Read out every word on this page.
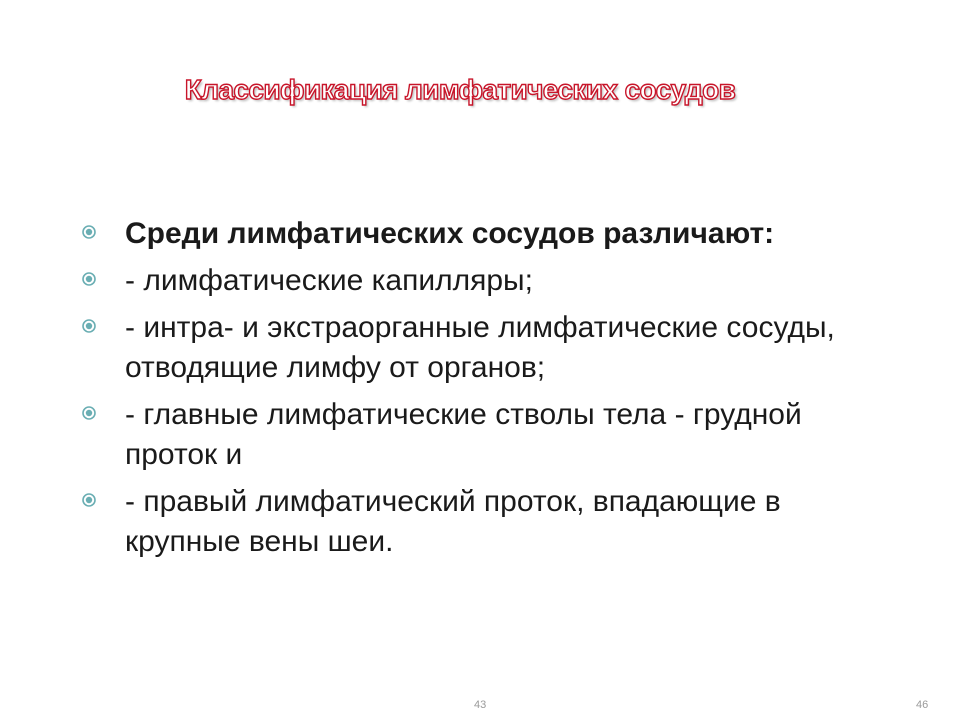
Классификация лимфатических сосудов
Среди лимфатических сосудов различают:
- лимфатические капилляры;
- интра- и экстраорганные лимфатические сосуды, отводящие лимфу от органов;
- главные лимфатические стволы тела - грудной проток и
- правый лимфатический проток, впадающие в крупные вены шеи.
43	46
